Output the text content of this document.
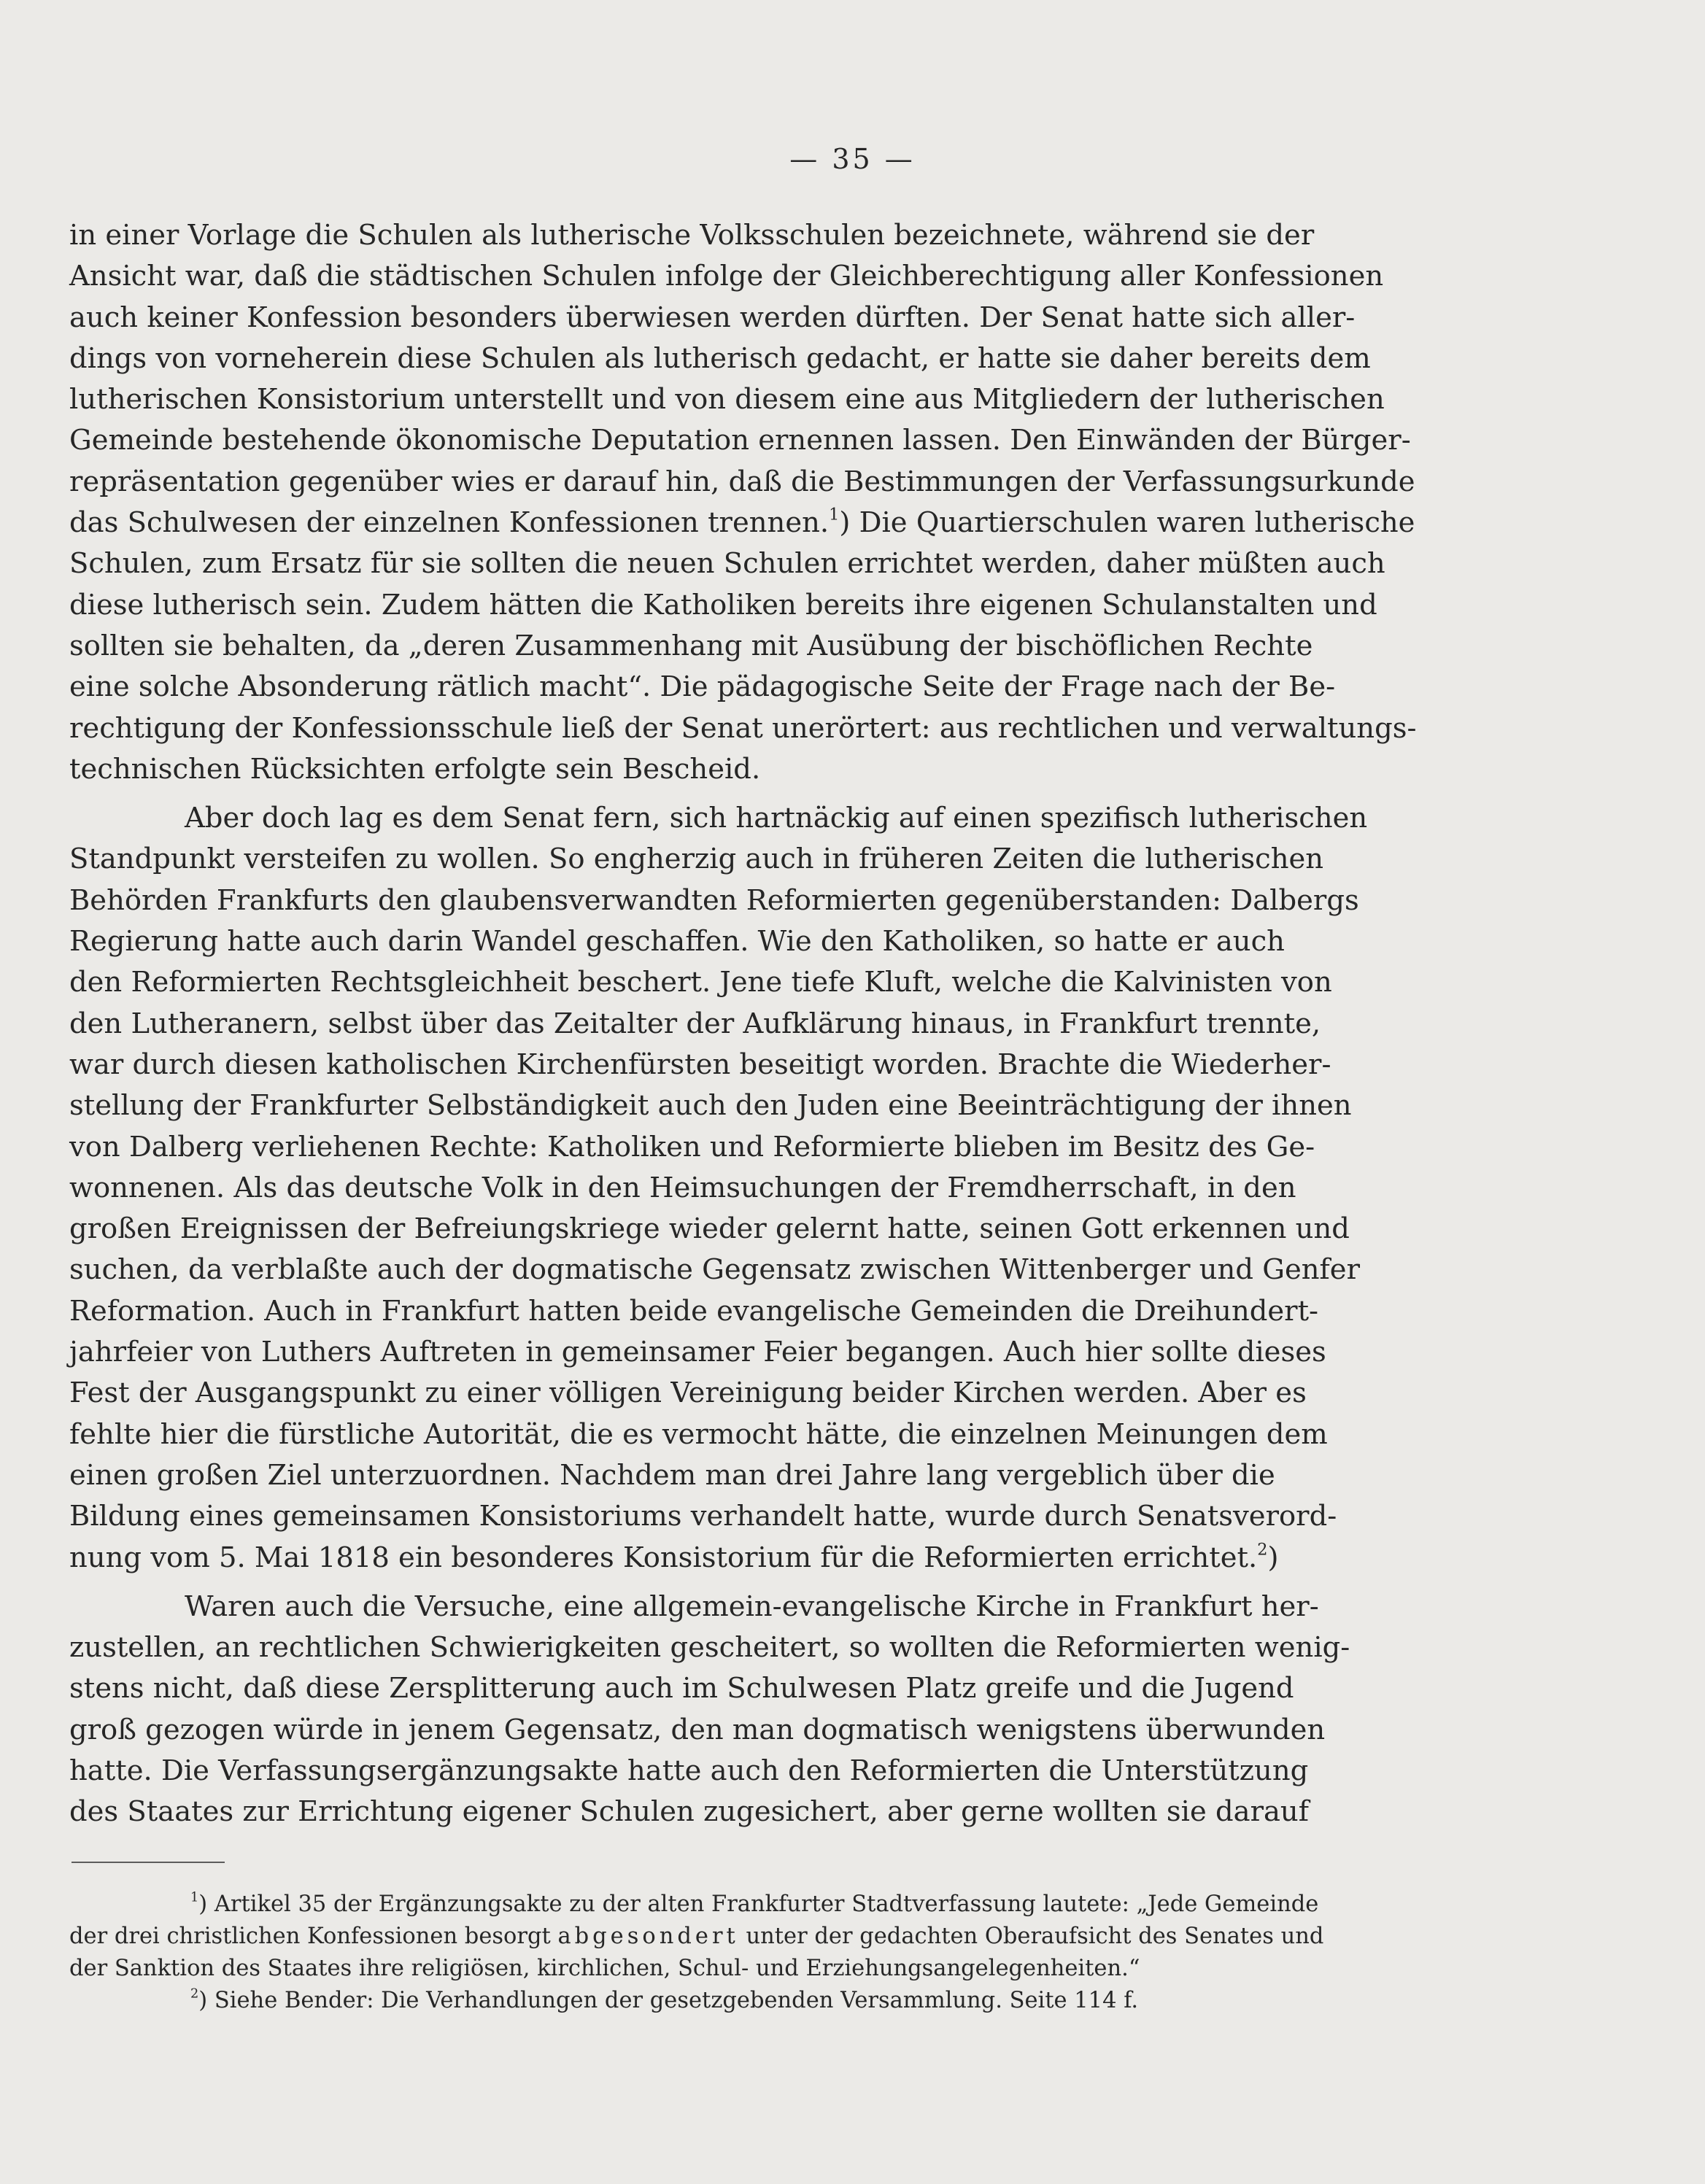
— 35 —
in einer Vorlage die Schulen als lutherische Volksschulen bezeichnete, während sie der
Ansicht war, daß die städtischen Schulen infolge der Gleichberechtigung aller Konfessionen
auch keiner Konfession besonders überwiesen werden dürften. Der Senat hatte sich aller-
dings von vorneherein diese Schulen als lutherisch gedacht, er hatte sie daher bereits dem
lutherischen Konsistorium unterstellt und von diesem eine aus Mitgliedern der lutherischen
Gemeinde bestehende ökonomische Deputation ernennen lassen. Den Einwänden der Bürger-
repräsentation gegenüber wies er darauf hin, daß die Bestimmungen der Verfassungsurkunde
das Schulwesen der einzelnen Konfessionen trennen.$^1$) Die Quartierschulen waren lutherische
Schulen, zum Ersatz für sie sollten die neuen Schulen errichtet werden, daher müßten auch
diese lutherisch sein. Zudem hätten die Katholiken bereits ihre eigenen Schulanstalten und
sollten sie behalten, da „deren Zusammenhang mit Ausübung der bischöflichen Rechte
eine solche Absonderung rätlich macht“. Die pädagogische Seite der Frage nach der Be-
rechtigung der Konfessionsschule ließ der Senat unerörtert: aus rechtlichen und verwaltungs-
technischen Rücksichten erfolgte sein Bescheid.
Aber doch lag es dem Senat fern, sich hartnäckig auf einen spezifisch lutherischen
Standpunkt versteifen zu wollen. So engherzig auch in früheren Zeiten die lutherischen
Behörden Frankfurts den glaubensverwandten Reformierten gegenüberstanden: Dalbergs
Regierung hatte auch darin Wandel geschaffen. Wie den Katholiken, so hatte er auch
den Reformierten Rechtsgleichheit beschert. Jene tiefe Kluft, welche die Kalvinisten von
den Lutheranern, selbst über das Zeitalter der Aufklärung hinaus, in Frankfurt trennte,
war durch diesen katholischen Kirchenfürsten beseitigt worden. Brachte die Wiederher-
stellung der Frankfurter Selbständigkeit auch den Juden eine Beeinträchtigung der ihnen
von Dalberg verliehenen Rechte: Katholiken und Reformierte blieben im Besitz des Ge-
wonnenen. Als das deutsche Volk in den Heimsuchungen der Fremdherrschaft, in den
großen Ereignissen der Befreiungskriege wieder gelernt hatte, seinen Gott erkennen und
suchen, da verblaßte auch der dogmatische Gegensatz zwischen Wittenberger und Genfer
Reformation. Auch in Frankfurt hatten beide evangelische Gemeinden die Dreihundert-
jahrfeier von Luthers Auftreten in gemeinsamer Feier begangen. Auch hier sollte dieses
Fest der Ausgangspunkt zu einer völligen Vereinigung beider Kirchen werden. Aber es
fehlte hier die fürstliche Autorität, die es vermocht hätte, die einzelnen Meinungen dem
einen großen Ziel unterzuordnen. Nachdem man drei Jahre lang vergeblich über die
Bildung eines gemeinsamen Konsistoriums verhandelt hatte, wurde durch Senatsverord-
nung vom 5. Mai 1818 ein besonderes Konsistorium für die Reformierten errichtet.$^2$)
Waren auch die Versuche, eine allgemein-evangelische Kirche in Frankfurt her-
zustellen, an rechtlichen Schwierigkeiten gescheitert, so wollten die Reformierten wenig-
stens nicht, daß diese Zersplitterung auch im Schulwesen Platz greife und die Jugend
groß gezogen würde in jenem Gegensatz, den man dogmatisch wenigstens überwunden
hatte. Die Verfassungsergänzungsakte hatte auch den Reformierten die Unterstützung
des Staates zur Errichtung eigener Schulen zugesichert, aber gerne wollten sie darauf
$^1$) Artikel 35 der Ergänzungsakte zu der alten Frankfurter Stadtverfassung lautete: „Jede Gemeinde
der drei christlichen Konfessionen besorgt abgesondert unter der gedachten Oberaufsicht des Senates und
der Sanktion des Staates ihre religiösen, kirchlichen, Schul- und Erziehungsangelegenheiten.“
$^2$) Siehe Bender: Die Verhandlungen der gesetzgebenden Versammlung. Seite 114 f.
